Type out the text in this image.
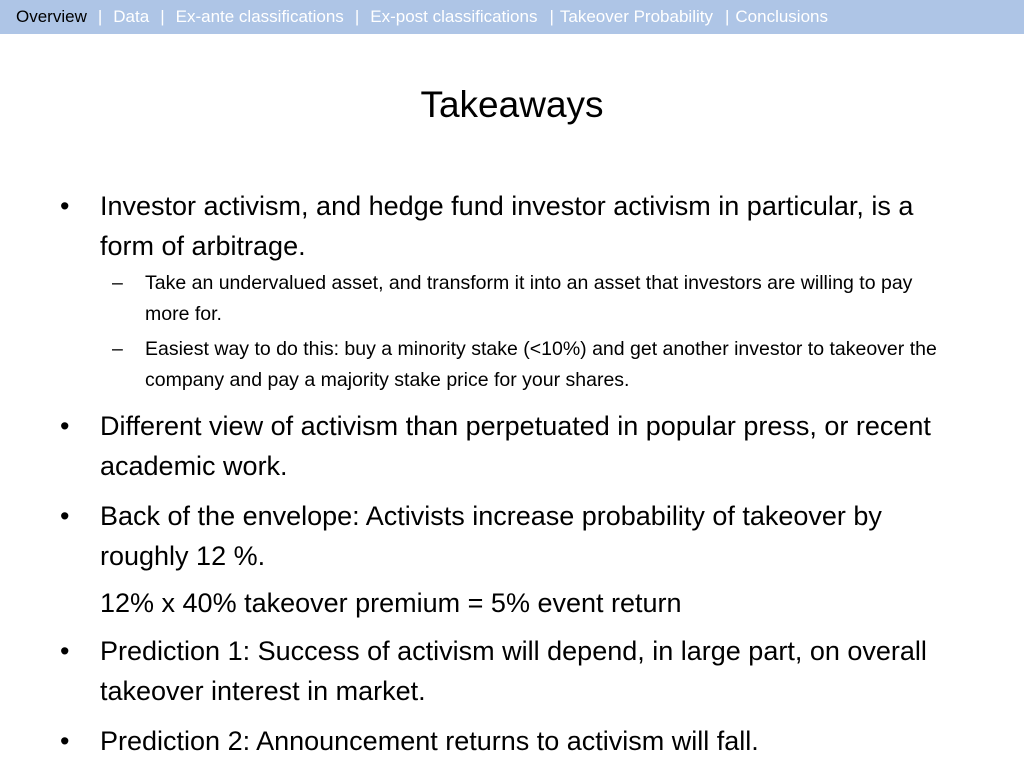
Overview | Data | Ex-ante classifications | Ex-post classifications | Takeover Probability | Conclusions
Takeaways
•	Investor activism, and hedge fund investor activism in particular, is a form of arbitrage.
–	Take an undervalued asset, and transform it into an asset that investors are willing to pay more for.
–	Easiest way to do this: buy a minority stake (<10%) and get another investor to takeover the company and pay a majority stake price for your shares.
•	Different view of activism than perpetuated in popular press, or recent academic work.
•	Back of the envelope: Activists increase probability of takeover by roughly 12 %.
12% x 40% takeover premium = 5% event return
•	Prediction 1: Success of activism will depend, in large part, on overall takeover interest in market.
•	Prediction 2: Announcement returns to activism will fall.
